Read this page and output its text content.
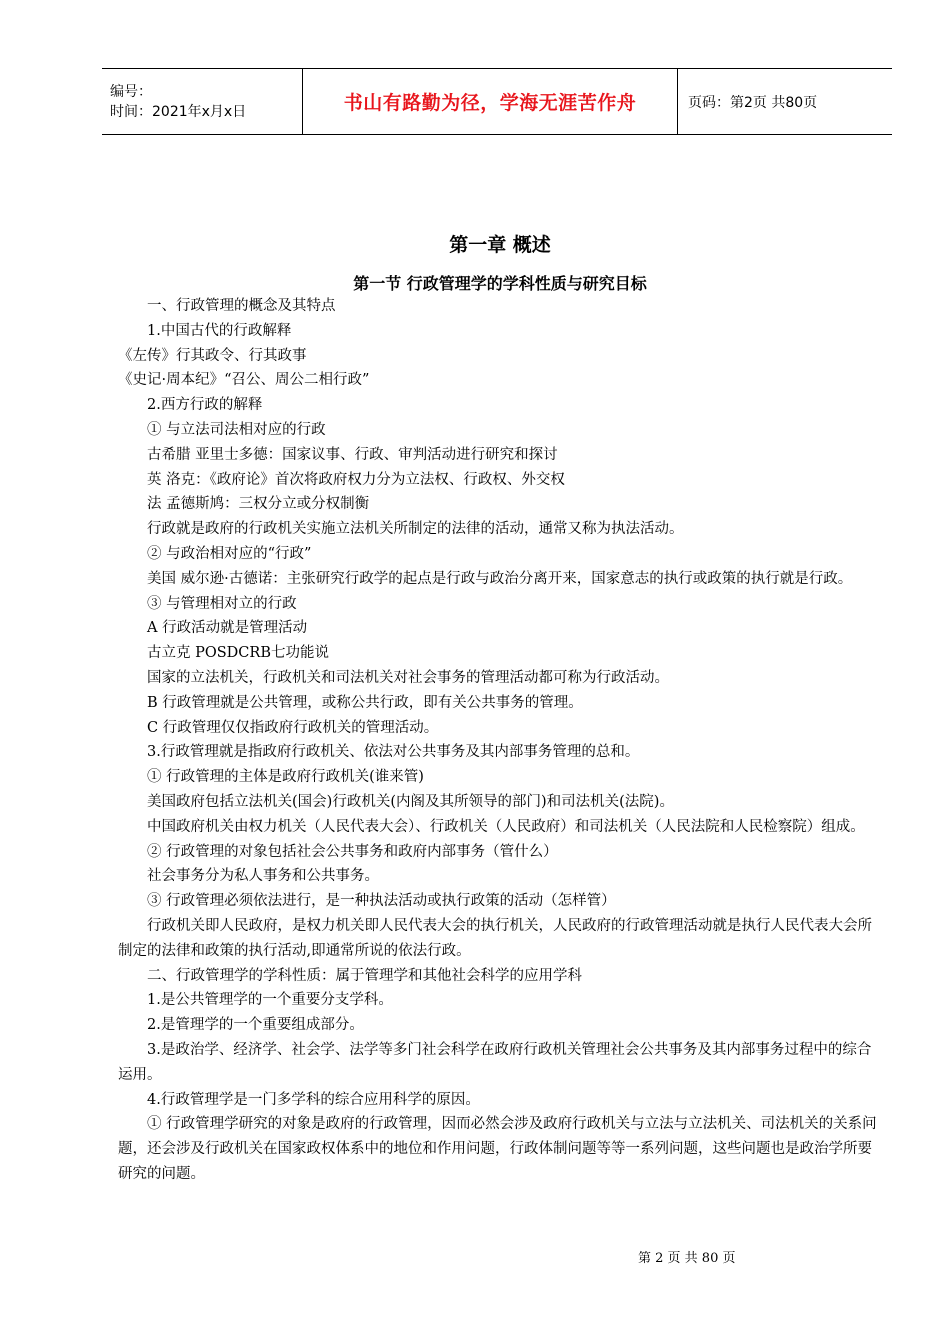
编号：
时间：2021年x月x日	书山有路勤为径，学海无涯苦作舟	页码：第2页 共80页
第一章 概述
第一节 行政管理学的学科性质与研究目标

一、行政管理的概念及其特点

1.中国古代的行政解释

《左传》行其政令、行其政事

《史记·周本纪》“召公、周公二相行政”

2.西方行政的解释

① 与立法司法相对应的行政

古希腊 亚里士多德：国家议事、行政、审判活动进行研究和探讨

英 洛克：《政府论》首次将政府权力分为立法权、行政权、外交权

法 孟德斯鸠：三权分立或分权制衡

行政就是政府的行政机关实施立法机关所制定的法律的活动，通常又称为执法活动。

② 与政治相对应的“行政”

美国 威尔逊·古德诺：主张研究行政学的起点是行政与政治分离开来，国家意志的执行或政策的执行就是行政。

③ 与管理相对立的行政

A 行政活动就是管理活动

古立克 POSDCRB七功能说

国家的立法机关，行政机关和司法机关对社会事务的管理活动都可称为行政活动。

B 行政管理就是公共管理，或称公共行政，即有关公共事务的管理。

C 行政管理仅仅指政府行政机关的管理活动。

3.行政管理就是指政府行政机关、依法对公共事务及其内部事务管理的总和。

① 行政管理的主体是政府行政机关(谁来管)

美国政府包括立法机关(国会)行政机关(内阁及其所领导的部门)和司法机关(法院)。

中国政府机关由权力机关（人民代表大会）、行政机关（人民政府）和司法机关（人民法院和人民检察院）组成。

② 行政管理的对象包括社会公共事务和政府内部事务（管什么）

社会事务分为私人事务和公共事务。

③ 行政管理必须依法进行，是一种执法活动或执行政策的活动（怎样管）

行政机关即人民政府，是权力机关即人民代表大会的执行机关，人民政府的行政管理活动就是执行人民代表大会所制定的法律和政策的执行活动,即通常所说的依法行政。

二、行政管理学的学科性质：属于管理学和其他社会科学的应用学科

1.是公共管理学的一个重要分支学科。

2.是管理学的一个重要组成部分。

3.是政治学、经济学、社会学、法学等多门社会科学在政府行政机关管理社会公共事务及其内部事务过程中的综合运用。

4.行政管理学是一门多学科的综合应用科学的原因。

① 行政管理学研究的对象是政府的行政管理，因而必然会涉及政府行政机关与立法与立法机关、司法机关的关系问题，还会涉及行政机关在国家政权体系中的地位和作用问题，行政体制问题等等一系列问题，这些问题也是政治学所要研究的问题。

第 2 页 共 80 页
